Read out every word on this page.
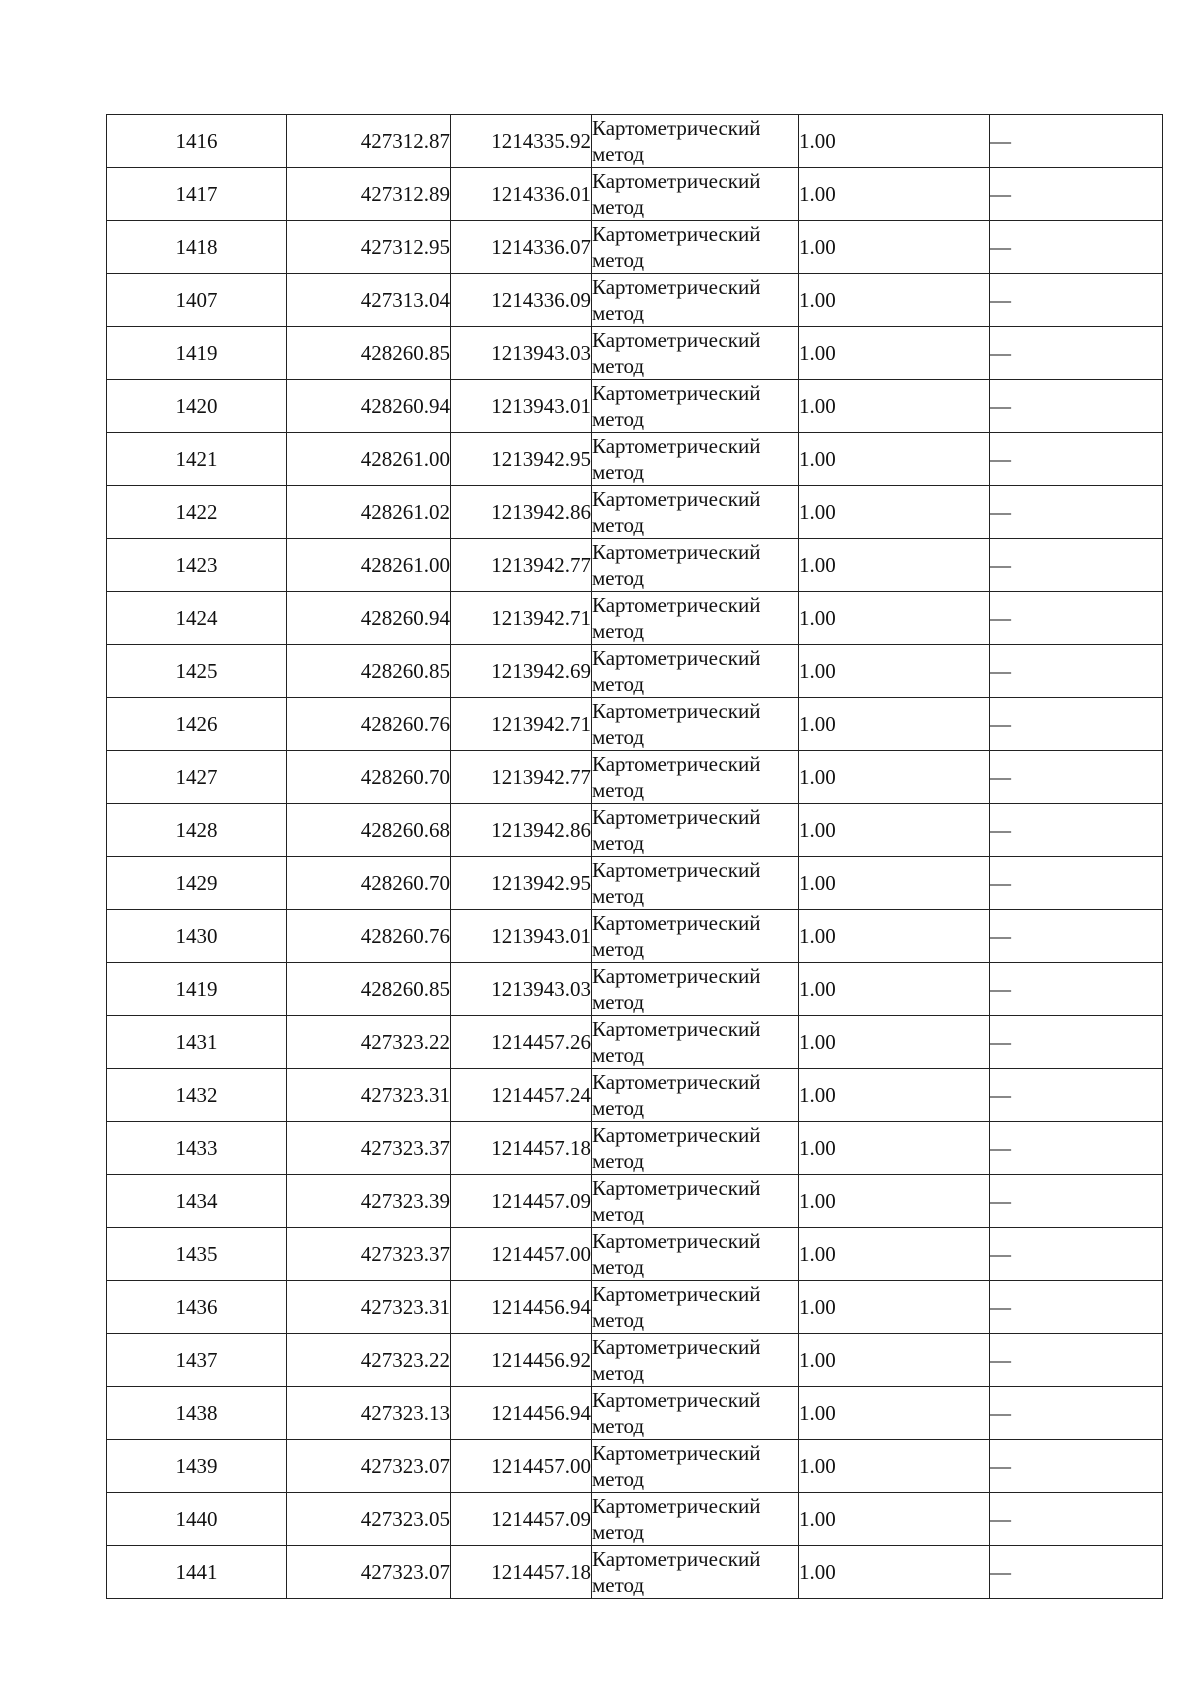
1416	427312.87	1214335.92	Картометрический
метод	1.00	—
1417	427312.89	1214336.01	Картометрический
метод	1.00	—
1418	427312.95	1214336.07	Картометрический
метод	1.00	—
1407	427313.04	1214336.09	Картометрический
метод	1.00	—
1419	428260.85	1213943.03	Картометрический
метод	1.00	—
1420	428260.94	1213943.01	Картометрический
метод	1.00	—
1421	428261.00	1213942.95	Картометрический
метод	1.00	—
1422	428261.02	1213942.86	Картометрический
метод	1.00	—
1423	428261.00	1213942.77	Картометрический
метод	1.00	—
1424	428260.94	1213942.71	Картометрический
метод	1.00	—
1425	428260.85	1213942.69	Картометрический
метод	1.00	—
1426	428260.76	1213942.71	Картометрический
метод	1.00	—
1427	428260.70	1213942.77	Картометрический
метод	1.00	—
1428	428260.68	1213942.86	Картометрический
метод	1.00	—
1429	428260.70	1213942.95	Картометрический
метод	1.00	—
1430	428260.76	1213943.01	Картометрический
метод	1.00	—
1419	428260.85	1213943.03	Картометрический
метод	1.00	—
1431	427323.22	1214457.26	Картометрический
метод	1.00	—
1432	427323.31	1214457.24	Картометрический
метод	1.00	—
1433	427323.37	1214457.18	Картометрический
метод	1.00	—
1434	427323.39	1214457.09	Картометрический
метод	1.00	—
1435	427323.37	1214457.00	Картометрический
метод	1.00	—
1436	427323.31	1214456.94	Картометрический
метод	1.00	—
1437	427323.22	1214456.92	Картометрический
метод	1.00	—
1438	427323.13	1214456.94	Картометрический
метод	1.00	—
1439	427323.07	1214457.00	Картометрический
метод	1.00	—
1440	427323.05	1214457.09	Картометрический
метод	1.00	—
1441	427323.07	1214457.18	Картометрический
метод	1.00	—
